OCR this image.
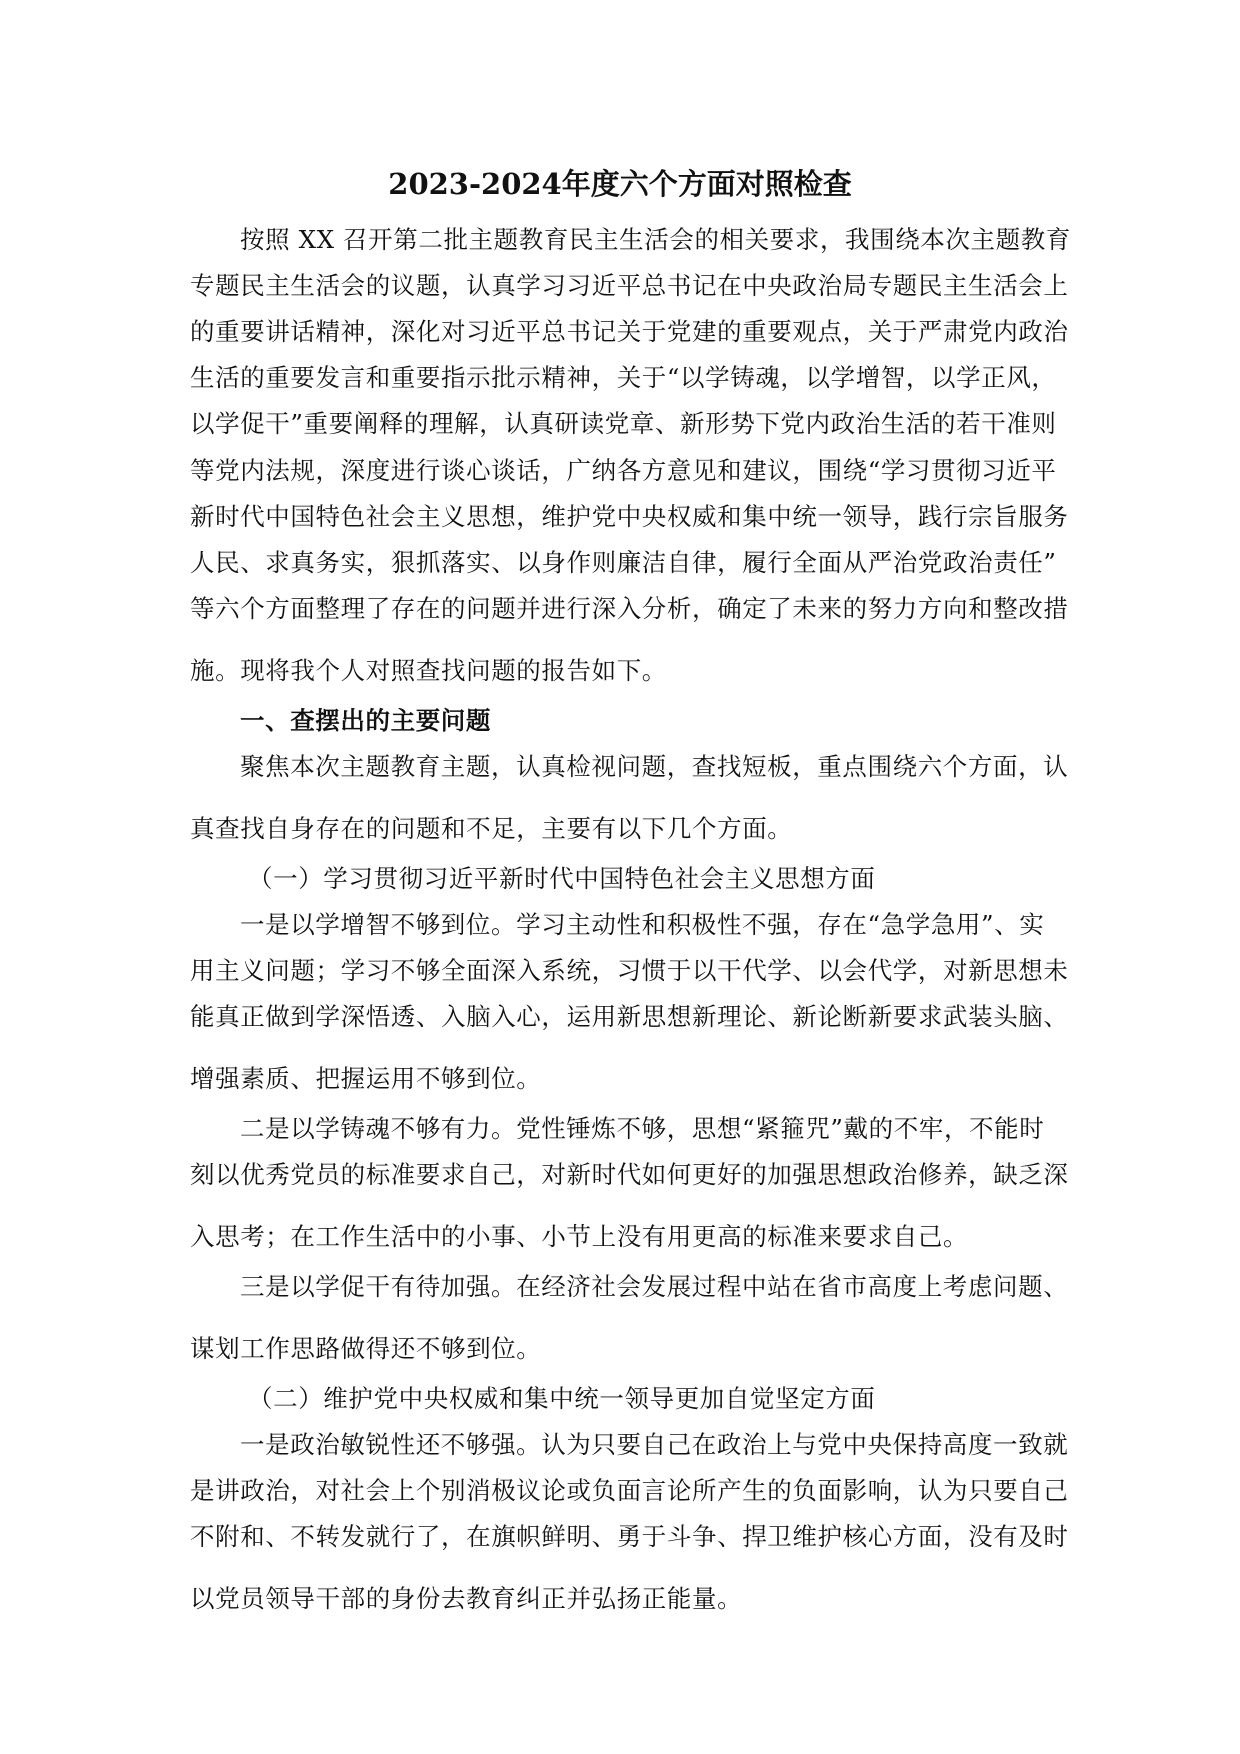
2023-2024年度六个方面对照检查

按照 XX 召开第二批主题教育民主生活会的相关要求，我围绕本次主题教育

专题民主生活会的议题，认真学习习近平总书记在中央政治局专题民主生活会上

的重要讲话精神，深化对习近平总书记关于党建的重要观点，关于严肃党内政治

生活的重要发言和重要指示批示精神，关于“以学铸魂，以学增智，以学正风，

以学促干”重要阐释的理解，认真研读党章、新形势下党内政治生活的若干准则

等党内法规，深度进行谈心谈话，广纳各方意见和建议，围绕“学习贯彻习近平

新时代中国特色社会主义思想，维护党中央权威和集中统一领导，践行宗旨服务

人民、求真务实，狠抓落实、以身作则廉洁自律，履行全面从严治党政治责任”

等六个方面整理了存在的问题并进行深入分析，确定了未来的努力方向和整改措

施。现将我个人对照查找问题的报告如下。

一、查摆出的主要问题

聚焦本次主题教育主题，认真检视问题，查找短板，重点围绕六个方面，认

真查找自身存在的问题和不足，主要有以下几个方面。

（一）学习贯彻习近平新时代中国特色社会主义思想方面

一是以学增智不够到位。学习主动性和积极性不强，存在“急学急用”、实

用主义问题；学习不够全面深入系统，习惯于以干代学、以会代学，对新思想未

能真正做到学深悟透、入脑入心，运用新思想新理论、新论断新要求武装头脑、

增强素质、把握运用不够到位。

二是以学铸魂不够有力。党性锤炼不够，思想“紧箍咒”戴的不牢，不能时

刻以优秀党员的标准要求自己，对新时代如何更好的加强思想政治修养，缺乏深

入思考；在工作生活中的小事、小节上没有用更高的标准来要求自己。

三是以学促干有待加强。在经济社会发展过程中站在省市高度上考虑问题、

谋划工作思路做得还不够到位。

（二）维护党中央权威和集中统一领导更加自觉坚定方面

一是政治敏锐性还不够强。认为只要自己在政治上与党中央保持高度一致就

是讲政治，对社会上个别消极议论或负面言论所产生的负面影响，认为只要自己

不附和、不转发就行了，在旗帜鲜明、勇于斗争、捍卫维护核心方面，没有及时

以党员领导干部的身份去教育纠正并弘扬正能量。
